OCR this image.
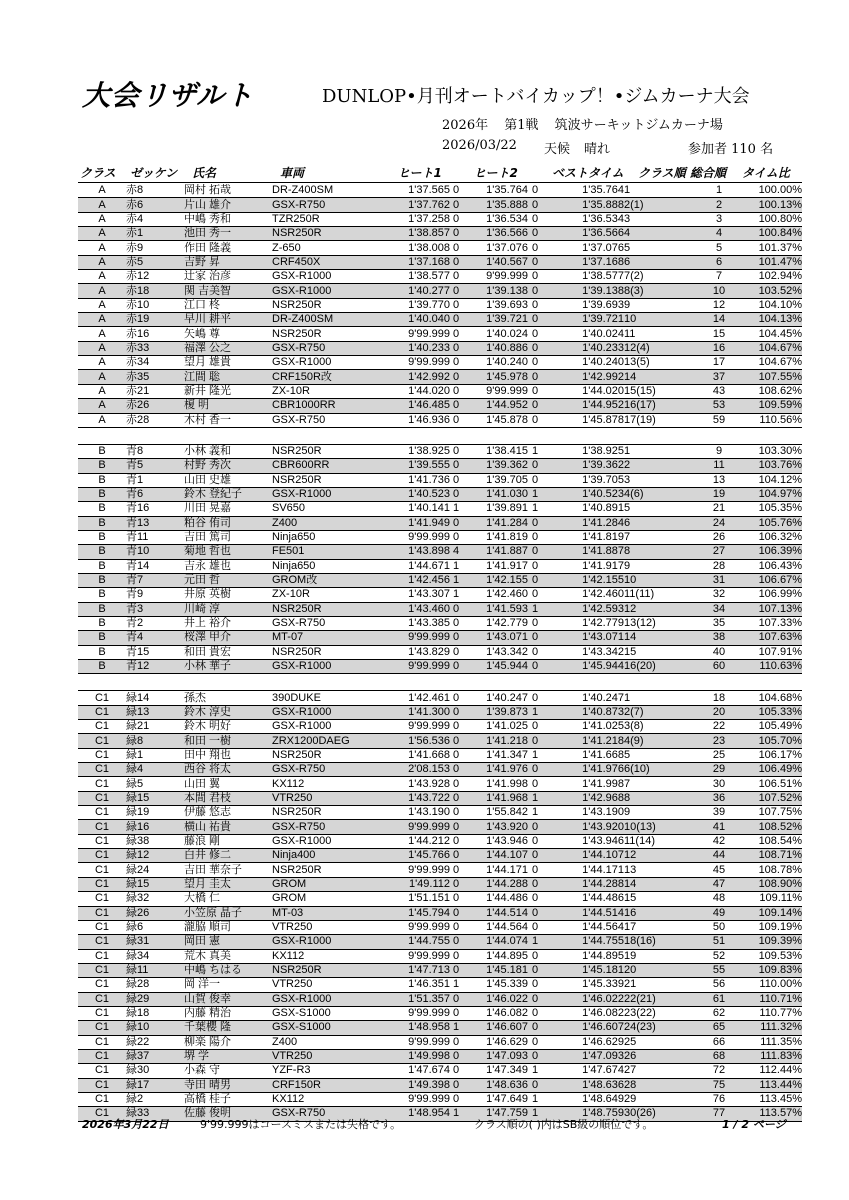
大会リザルト	DUNLOP•月刊オートバイカップ！•ジムカーナ大会
2026年 第1戦 筑波サーキットジムカーナ場
2026/03/22 天候 晴れ	参加者 110 名
クラス ゼッケン 氏名	車両	ヒート1	ヒート2	ベストタイム クラス順 総合順 タイム比
A	赤8	岡村 拓哉	DR-Z400SM	1'37.565	0	1'35.764	0	1'35.764	1	1	100.00%
A	赤6	片山 雄介	GSX-R750	1'37.762	0	1'35.888	0	1'35.888	2(1)	2	100.13%
A	赤4	中嶋 秀和	TZR250R	1'37.258	0	1'36.534	0	1'36.534	3	3	100.80%
A	赤1	池田 秀一	NSR250R	1'38.857	0	1'36.566	0	1'36.566	4	4	100.84%
A	赤9	作田 隆義	Z-650	1'38.008	0	1'37.076	0	1'37.076	5	5	101.37%
A	赤5	吉野 昇	CRF450X	1'37.168	0	1'40.567	0	1'37.168	6	6	101.47%
A	赤12	辻家 治彦	GSX-R1000	1'38.577	0	9'99.999	0	1'38.577	7(2)	7	102.94%
A	赤18	関 吉美智	GSX-R1000	1'40.277	0	1'39.138	0	1'39.138	8(3)	10	103.52%
A	赤10	江口 柊	NSR250R	1'39.770	0	1'39.693	0	1'39.693	9	12	104.10%
A	赤19	早川 耕平	DR-Z400SM	1'40.040	0	1'39.721	0	1'39.721	10	14	104.13%
A	赤16	矢嶋 尊	NSR250R	9'99.999	0	1'40.024	0	1'40.024	11	15	104.45%
A	赤33	福澤 公之	GSX-R750	1'40.233	0	1'40.886	0	1'40.233	12(4)	16	104.67%
A	赤34	望月 雄貴	GSX-R1000	9'99.999	0	1'40.240	0	1'40.240	13(5)	17	104.67%
A	赤35	江間 聡	CRF150R改	1'42.992	0	1'45.978	0	1'42.992	14	37	107.55%
A	赤21	新井 隆光	ZX-10R	1'44.020	0	9'99.999	0	1'44.020	15(15)	43	108.62%
A	赤26	榎 明	CBR1000RR	1'46.485	0	1'44.952	0	1'44.952	16(17)	53	109.59%
A	赤28	木村 香一	GSX-R750	1'46.936	0	1'45.878	0	1'45.878	17(19)	59	110.56%

B	青8	小林 義和	NSR250R	1'38.925	0	1'38.415	1	1'38.925	1	9	103.30%
B	青5	村野 秀次	CBR600RR	1'39.555	0	1'39.362	0	1'39.362	2	11	103.76%
B	青1	山田 史雄	NSR250R	1'41.736	0	1'39.705	0	1'39.705	3	13	104.12%
B	青6	鈴木 登紀子	GSX-R1000	1'40.523	0	1'41.030	1	1'40.523	4(6)	19	104.97%
B	青16	川田 晃嘉	SV650	1'40.141	1	1'39.891	1	1'40.891	5	21	105.35%
B	青13	粕谷 侑司	Z400	1'41.949	0	1'41.284	0	1'41.284	6	24	105.76%
B	青11	吉田 篤司	Ninja650	9'99.999	0	1'41.819	0	1'41.819	7	26	106.32%
B	青10	菊地 哲也	FE501	1'43.898	4	1'41.887	0	1'41.887	8	27	106.39%
B	青14	吉永 雄也	Ninja650	1'44.671	1	1'41.917	0	1'41.917	9	28	106.43%
B	青7	元田 哲	GROM改	1'42.456	1	1'42.155	0	1'42.155	10	31	106.67%
B	青9	井原 英樹	ZX-10R	1'43.307	1	1'42.460	0	1'42.460	11(11)	32	106.99%
B	青3	川崎 淳	NSR250R	1'43.460	0	1'41.593	1	1'42.593	12	34	107.13%
B	青2	井上 裕介	GSX-R750	1'43.385	0	1'42.779	0	1'42.779	13(12)	35	107.33%
B	青4	桜澤 甲介	MT-07	9'99.999	0	1'43.071	0	1'43.071	14	38	107.63%
B	青15	和田 貴宏	NSR250R	1'43.829	0	1'43.342	0	1'43.342	15	40	107.91%
B	青12	小林 華子	GSX-R1000	9'99.999	0	1'45.944	0	1'45.944	16(20)	60	110.63%

C1	緑14	孫杰	390DUKE	1'42.461	0	1'40.247	0	1'40.247	1	18	104.68%
C1	緑13	鈴木 淳史	GSX-R1000	1'41.300	0	1'39.873	1	1'40.873	2(7)	20	105.33%
C1	緑21	鈴木 明好	GSX-R1000	9'99.999	0	1'41.025	0	1'41.025	3(8)	22	105.49%
C1	緑8	和田 一樹	ZRX1200DAEG	1'56.536	0	1'41.218	0	1'41.218	4(9)	23	105.70%
C1	緑1	田中 翔也	NSR250R	1'41.668	0	1'41.347	1	1'41.668	5	25	106.17%
C1	緑4	西谷 将太	GSX-R750	2'08.153	0	1'41.976	0	1'41.976	6(10)	29	106.49%
C1	緑5	山田 翼	KX112	1'43.928	0	1'41.998	0	1'41.998	7	30	106.51%
C1	緑15	本間 君枝	VTR250	1'43.722	0	1'41.968	1	1'42.968	8	36	107.52%
C1	緑19	伊藤 悠志	NSR250R	1'43.190	0	1'55.842	1	1'43.190	9	39	107.75%
C1	緑16	横山 祐貴	GSX-R750	9'99.999	0	1'43.920	0	1'43.920	10(13)	41	108.52%
C1	緑38	藤浪 剛	GSX-R1000	1'44.212	0	1'43.946	0	1'43.946	11(14)	42	108.54%
C1	緑12	白井 修二	Ninja400	1'45.766	0	1'44.107	0	1'44.107	12	44	108.71%
C1	緑24	吉田 華奈子	NSR250R	9'99.999	0	1'44.171	0	1'44.171	13	45	108.78%
C1	緑15	望月 圭太	GROM	1'49.112	0	1'44.288	0	1'44.288	14	47	108.90%
C1	緑32	大橋 仁	GROM	1'51.151	0	1'44.486	0	1'44.486	15	48	109.11%
C1	緑26	小笠原 晶子	MT-03	1'45.794	0	1'44.514	0	1'44.514	16	49	109.14%
C1	緑6	瀧脇 順司	VTR250	9'99.999	0	1'44.564	0	1'44.564	17	50	109.19%
C1	緑31	岡田 憲	GSX-R1000	1'44.755	0	1'44.074	1	1'44.755	18(16)	51	109.39%
C1	緑34	荒木 真美	KX112	9'99.999	0	1'44.895	0	1'44.895	19	52	109.53%
C1	緑11	中嶋 ちはる	NSR250R	1'47.713	0	1'45.181	0	1'45.181	20	55	109.83%
C1	緑28	岡 洋一	VTR250	1'46.351	1	1'45.339	0	1'45.339	21	56	110.00%
C1	緑29	山賀 俊幸	GSX-R1000	1'51.357	0	1'46.022	0	1'46.022	22(21)	61	110.71%
C1	緑18	内藤 精治	GSX-S1000	9'99.999	0	1'46.082	0	1'46.082	23(22)	62	110.77%
C1	緑10	千葉櫻 隆	GSX-S1000	1'48.958	1	1'46.607	0	1'46.607	24(23)	65	111.32%
C1	緑22	柳楽 陽介	Z400	9'99.999	0	1'46.629	0	1'46.629	25	66	111.35%
C1	緑37	堺 学	VTR250	1'49.998	0	1'47.093	0	1'47.093	26	68	111.83%
C1	緑30	小森 守	YZF-R3	1'47.674	0	1'47.349	1	1'47.674	27	72	112.44%
C1	緑17	寺田 晴男	CRF150R	1'49.398	0	1'48.636	0	1'48.636	28	75	113.44%
C1	緑2	高橋 桂子	KX112	9'99.999	0	1'47.649	1	1'48.649	29	76	113.45%
C1	緑33	佐藤 俊明	GSX-R750	1'48.954	1	1'47.759	1	1'48.759	30(26)	77	113.57%
2026年3月22日	9'99.999はコースミスまたは失格です。	クラス順の( )内はSB級の順位です。	1 / 2 ページ
